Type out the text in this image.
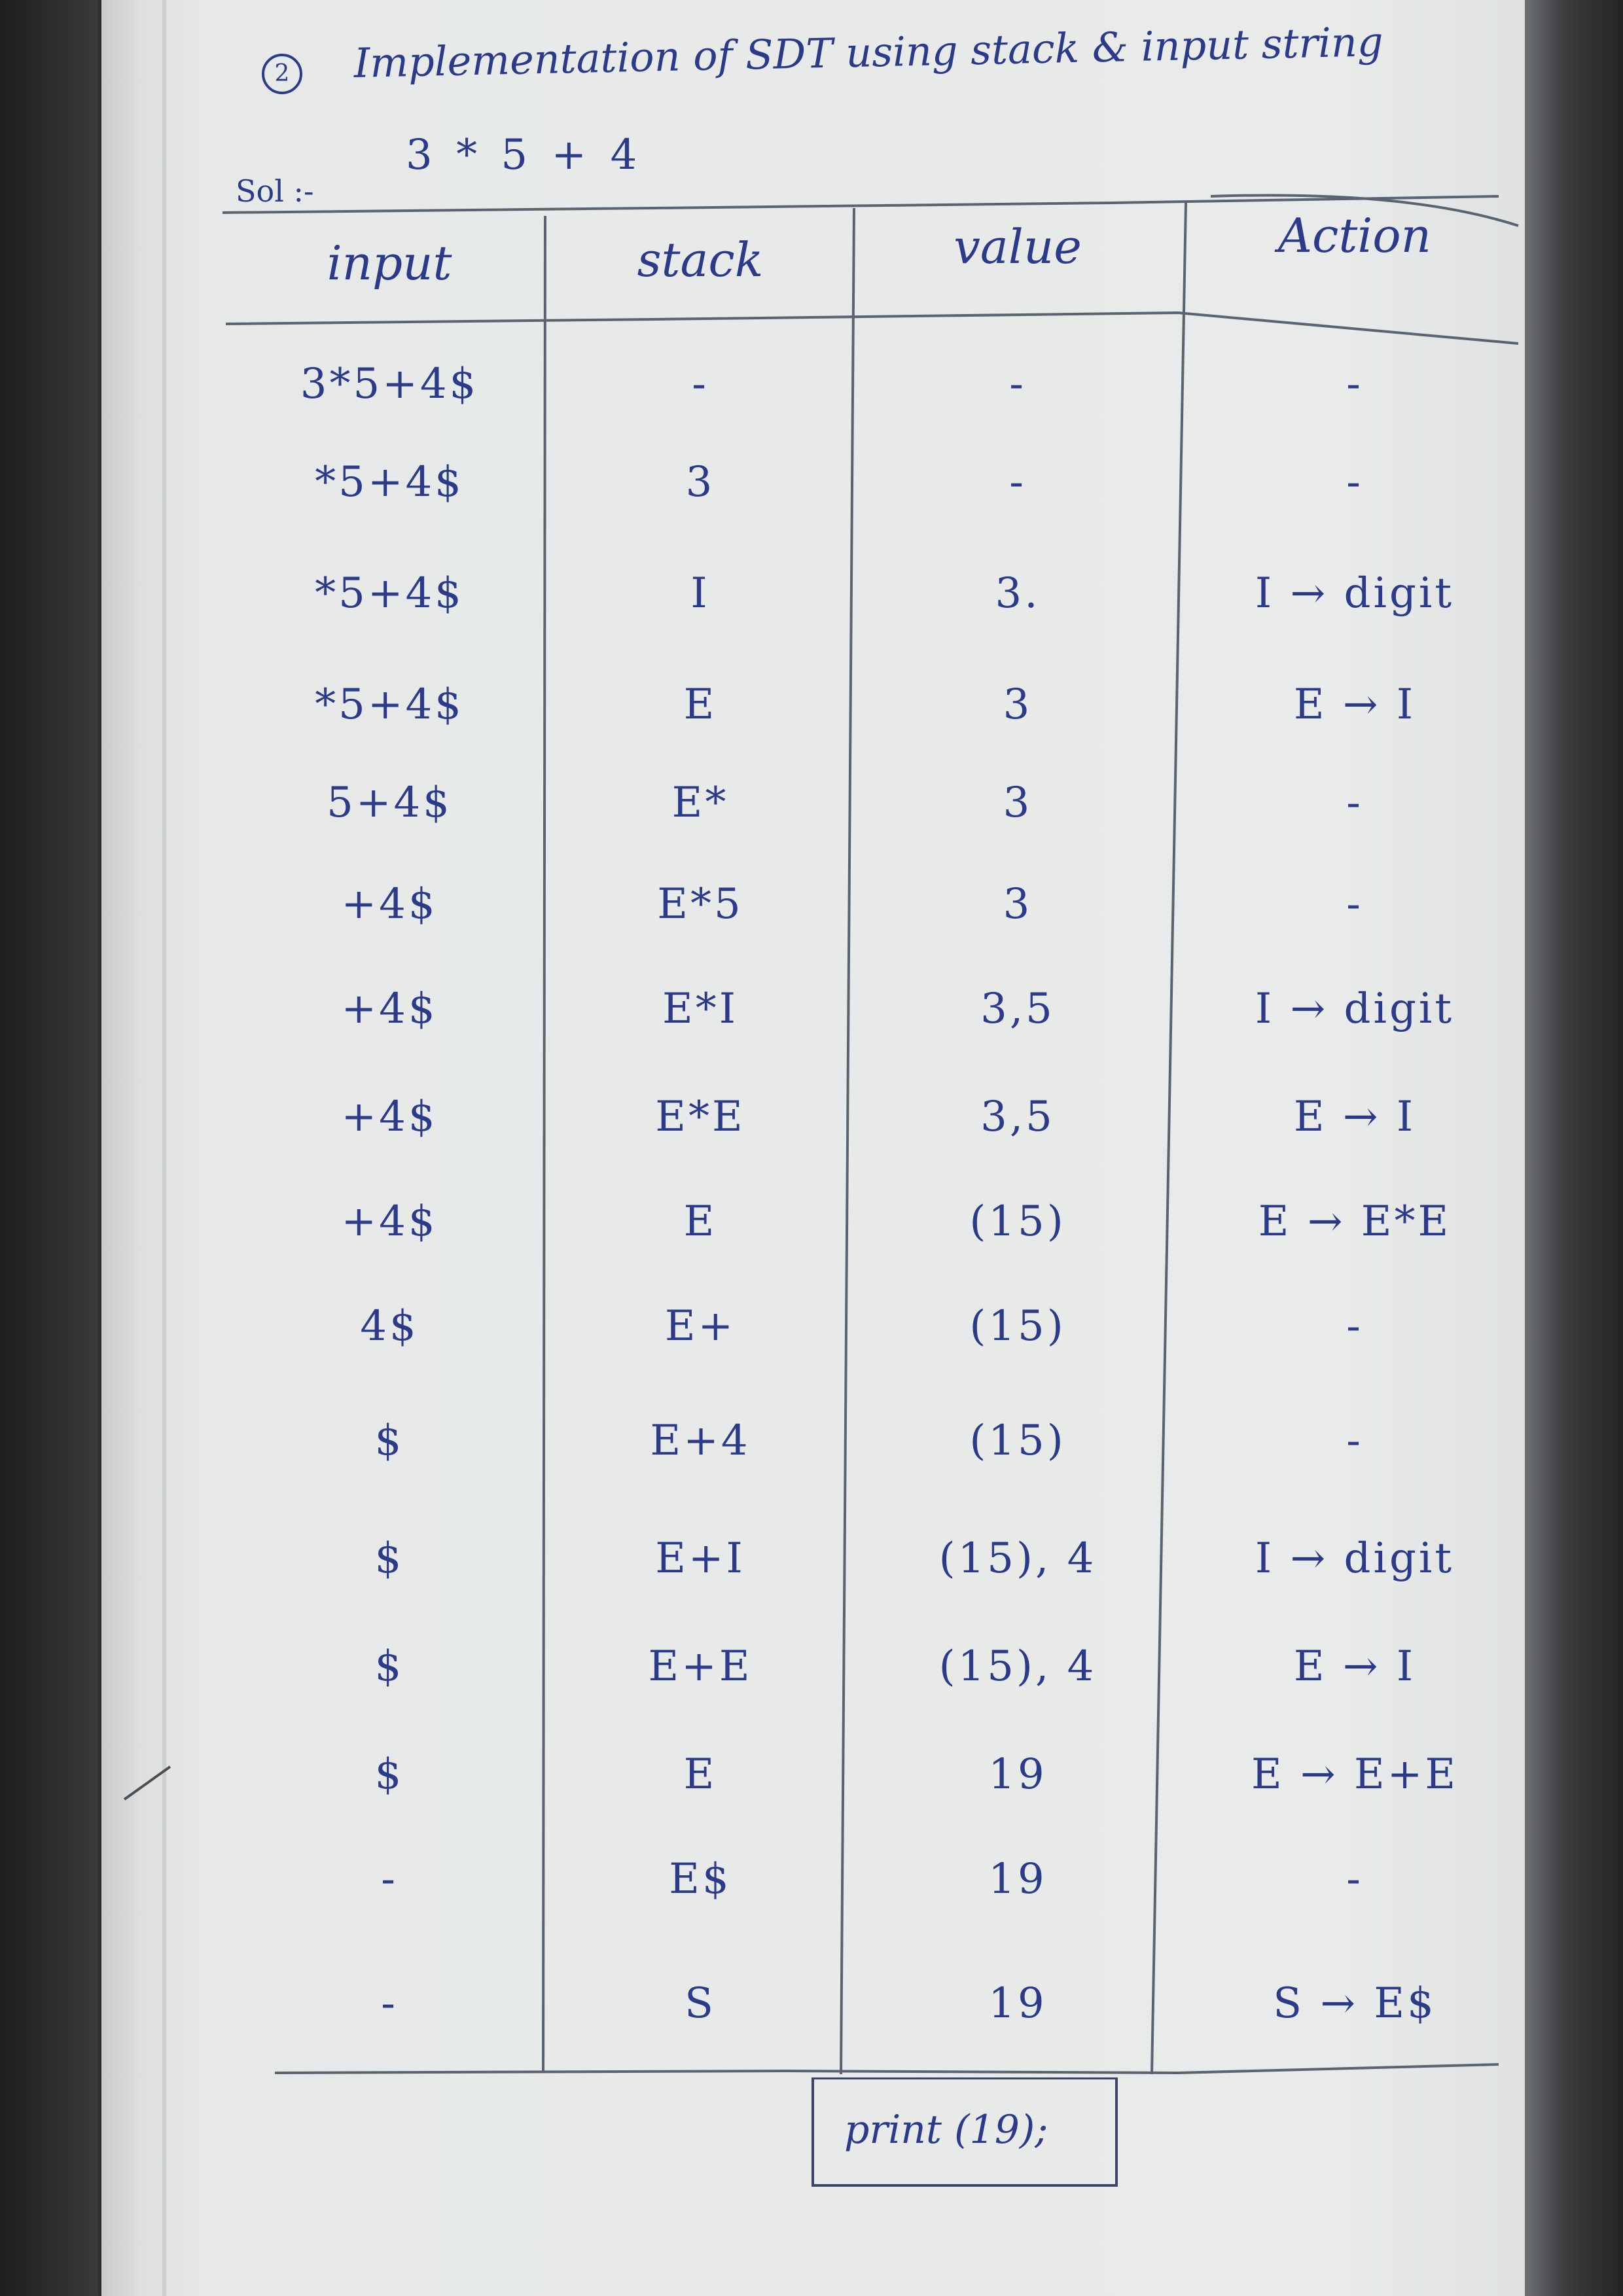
2	Implementation of SDT using stack & input string
3 * 5 + 4
Sol :-
input	stack	value	Action
3*5+4$	-	-	-
*5+4$	3	-	-
*5+4$	I	3.	I → digit
*5+4$	E	3	E → I
5+4$	E*	3	-
+4$	E*5	3	-
+4$	E*I	3,5	I → digit
+4$	E*E	3,5	E → I
+4$	E	(15)	E → E*E
4$	E+	(15)	-
$	E+4	(15)	-
$	E+I	(15), 4	I → digit
$	E+E	(15), 4	E → I
$	E	19	E → E+E
-	E$	19	-
-	S	19	S → E$
print (19);
